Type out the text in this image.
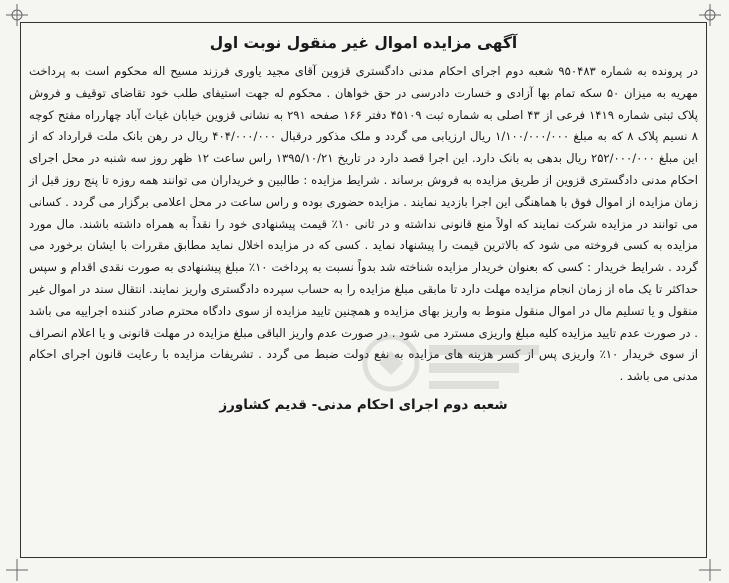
آگهی مزایده اموال غیر منقول نوبت اول

در پرونده به شماره ۹۵۰۴۸۳ شعبه دوم اجرای احکام مدنی دادگستری قزوین آقای مجید یاوری فرزند مسیح اله محکوم است به پرداخت مهریه به میزان ۵۰ سکه تمام بها آزادی و خسارت دادرسی در حق خواهان . محکوم له جهت استیفای طلب خود تقاضای توقیف و فروش پلاک ثبتی شماره ۱۴۱۹ فرعی از ۴۳ اصلی به شماره ثبت ۴۵۱۰۹ دفتر ۱۶۶ صفحه ۲۹۱ به نشانی قزوین خیابان غیاث آباد چهارراه مفتح کوچه ۸ نسیم پلاک ۸ که به مبلغ ۱/۱۰۰/۰۰۰/۰۰۰ ریال ارزیابی می گردد و ملک مذکور درقبال ۴۰۴/۰۰۰/۰۰۰ ریال در رهن بانک ملت قرارداد که از این مبلغ ۲۵۲/۰۰۰/۰۰۰ ریال بدهی به بانک دارد. این اجرا قصد دارد در تاریخ ۱۳۹۵/۱۰/۲۱ راس ساعت ۱۲ ظهر روز سه شنبه در محل اجرای احکام مدنی دادگستری قزوین از طریق مزایده به فروش برساند . شرایط مزایده : طالبین و خریداران می توانند همه روزه تا پنج روز قبل از زمان مزایده از اموال فوق با هماهنگی این اجرا بازدید نمایند . مزایده حضوری بوده و راس ساعت در محل اعلامی برگزار می گردد . کسانی می توانند در مزایده شرکت نمایند که اولاً منع قانونی نداشته و در ثانی ۱۰٪ قیمت پیشنهادی خود را نقداً به همراه داشته باشند. مال مورد مزایده به کسی فروخته می شود که بالاترین قیمت را پیشنهاد نماید . کسی که در مزایده اخلال نماید مطابق مقررات با ایشان برخورد می گردد . شرایط خریدار : کسی که بعنوان خریدار مزایده شناخته شد بدواً نسبت به پرداخت ۱۰٪ مبلغ پیشنهادی به صورت نقدی اقدام و سپس حداکثر تا یک ماه از زمان انجام مزایده مهلت دارد تا مابقی مبلغ مزایده را به حساب سپرده دادگستری واریز نمایند. انتقال سند در اموال غیر منقول و یا تسلیم مال در اموال منقول منوط به واریز بهای مزایده و همچنین تایید مزایده از سوی دادگاه محترم صادر کننده اجراییه می باشد . در صورت عدم تایید مزایده کلیه مبلغ واریزی مسترد می شود . در صورت عدم واریز الباقی مبلغ مزایده در مهلت قانونی و یا اعلام انصراف از سوی خریدار ۱۰٪ واریزی پس از کسر هزینه های مزایده به نفع دولت ضبط می گردد . تشریفات مزایده با رعایت قانون اجرای احکام مدنی می باشد .

شعبه دوم اجرای احکام مدنی- قدیم کشاورز
